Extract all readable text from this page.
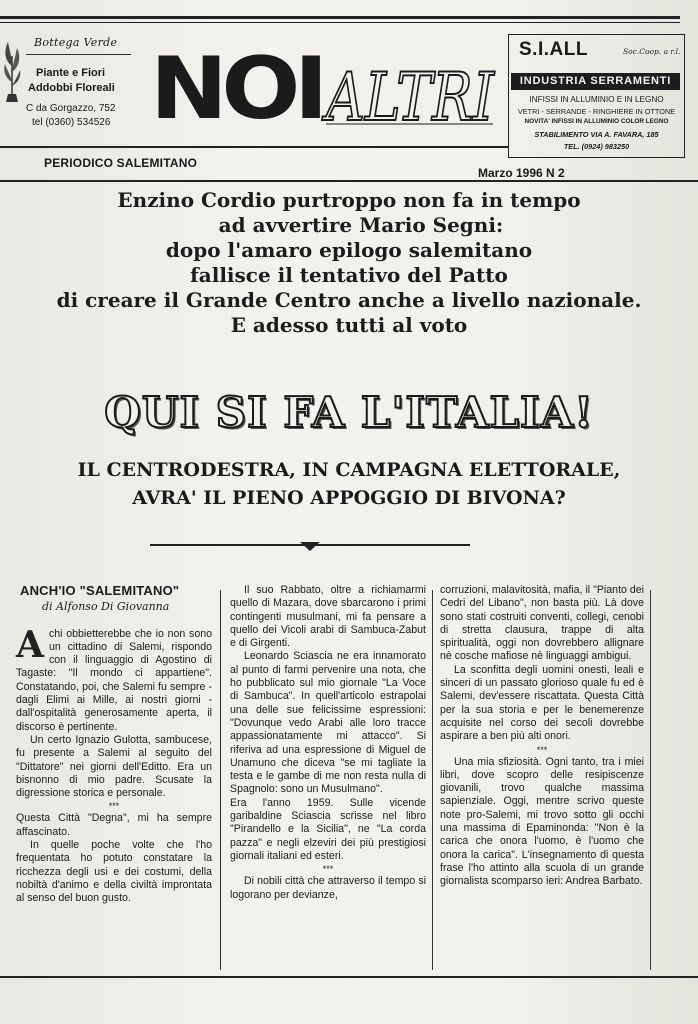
Bottega Verde
Piante e Fiori
Addobbi Floreali
C da Gorgazzo, 752
tel (0360) 534526 NOI ALTRI
S.I.ALL	Soc.Coop. a r.l.
INDUSTRIA SERRAMENTI
INFISSI IN ALLUMINIO E IN LEGNO
VETRI - SERRANDE - RINGHIERE IN OTTONE
NOVITA' INFISSI IN ALLUMINIO COLOR LEGNO
STABILIMENTO VIA A. FAVARA, 185
TEL. (0924) 983250
PERIODICO SALEMITANO
Marzo 1996 N 2
Enzino Cordio purtroppo non fa in tempo
ad avvertire Mario Segni:
dopo l'amaro epilogo salemitano
fallisce il tentativo del Patto
di creare il Grande Centro anche a livello nazionale.
E adesso tutti al voto
QUI SI FA L'ITALIA!
IL CENTRODESTRA, IN CAMPAGNA ELETTORALE,
AVRA' IL PIENO APPOGGIO DI BIVONA?
ANCH'IO "SALEMITANO"
di Alfonso Di Giovanna

Achi obbietterebbe che io non sono un cittadino di Salemi, rispondo con il linguaggio di Agostino di Tagaste: "Il mondo ci appartiene". Constatando, poi, che Salemi fu sempre - dagli Elimi ai Mille, ai nostri giorni - dall'ospitalità generosamente aperta, il discorso è pertinente.

Un certo Ignazio Gulotta, sambucese, fu presente a Salemi al seguito del "Dittatore" nei giorni dell'Editto. Era un bisnonno di mio padre. Scusate la digressione storica e personale.

***

Questa Città "Degna", mi ha sempre affascinato.

In quelle poche volte che l'ho frequentata ho potuto constatare la ricchezza degli usi e dei costumi, della nobiltà d'animo e della civiltà improntata al senso del buon gusto.

Il suo Rabbato, oltre a richiamarmi quello di Mazara, dove sbarcarono i primi contingenti musulmani, mi fa pensare a quello dei Vicoli arabi di Sambuca-Zabut e di Girgenti.

Leonardo Sciascia ne era innamorato al punto di farmi pervenire una nota, che ho pubblicato sul mio giornale "La Voce di Sambuca". In quell'articolo estrapolai una delle sue felicissime espressioni: "Dovunque vedo Arabi alle loro tracce appassionatamente mi attacco". Si riferiva ad una espressione di Miguel de Unamuno che diceva "se mi tagliate la testa e le gambe di me non resta nulla di Spagnolo: sono un Musulmano".

Era l'anno 1959. Sulle vicende garibaldine Sciascia scrisse nel libro "Pirandello e la Sicilia", ne "La corda pazza" e negli elzeviri dei più prestigiosi giornali italiani ed esteri.

***

Di nobili città che attraverso il tempo si logorano per devianze,

corruzioni, malavitosità, mafia, il "Pianto dei Cedri del Libano", non basta più. Là dove sono stati costruiti conventi, collegi, cenobi di stretta clausura, trappe di alta spiritualità, oggi non dovrebbero allignare nè cosche mafiose nè linguaggi ambigui.

La sconfitta degli uomini onesti, leali e sinceri di un passato glorioso quale fu ed è Salemi, dev'essere riscattata. Questa Città per la sua storia e per le benemerenze acquisite nel corso dei secoli dovrebbe aspirare a ben più alti onori.

***

Una mia sfiziosità. Ogni tanto, tra i miei libri, dove scopro delle resipiscenze giovanili, trovo qualche massima sapienziale. Oggi, mentre scrivo queste note pro-Salemi, mi trovo sotto gli occhi una massima di Epaminonda: "Non è la carica che onora l'uomo, è l'uomo che onora la carica". L'insegnamento di questa frase l'ho attinto alla scuola di un grande giornalista scomparso ieri: Andrea Barbato.
